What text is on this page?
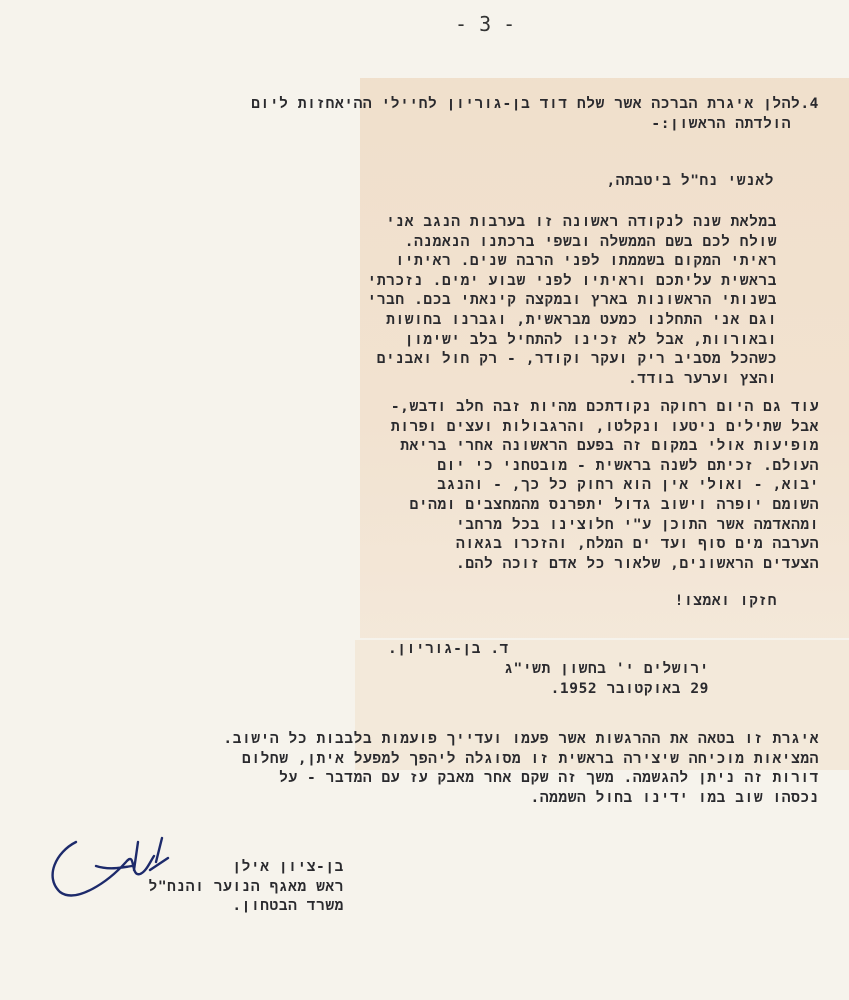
- 3 -
4.להלן איגרת הברכה אשר שלח דוד בן-גוריון לחיילי ההיאחזות ליום
הולדתה הראשון:-
לאנשי נח"ל ביטבתה,
במלאת שנה לנקודה ראשונה זו בערבות הנגב אני
שולח לכם בשם הממשלה ובשפי ברכתנו הנאמנה.
ראיתי המקום בשממתו לפני הרבה שנים. ראיתיו
בראשית עליתכם וראיתיו לפני שבוע ימים. נזכרתי
בשנותי הראשונות בארץ ובמקצה קינאתי בכם. חברי
וגם אני התחלנו כמעט מבראשית, וגברנו בחושות
ובאורוות, אבל לא זכינו להתחיל בלב ישימון
כשהכל מסביב ריק ועקר וקודר, - רק חול ואבנים
והצץ וערער בודד.
עוד גם היום רחוקה נקודתכם מהיות זבה חלב ודבש,-
אבל שתילים ניטעו ונקלטו, והרגבולות ועצים ופרות
מופיעות אולי במקום זה בפעם הראשונה אחרי בריאת
העולם. זכיתם לשנה בראשית - מובטחני כי יום
יבוא, - ואולי אין הוא רחוק כל כך, - והנגב
השומם יופרה וישוב גדול יתפרנס מהמחצבים ומהים
ומהאדמה אשר התוכן ע"י חלוצינו בכל מרחבי
הערבה מים סוף ועד ים המלח, והזכרו בגאוה
הצעדים הראשונים, שלאור כל אדם זוכה להם.
חזקו ואמצו!
ד. בן-גוריון.
ירושלים י' בחשון תשי"ג
29 באוקטובר 1952.
איגרת זו בטאה את ההרגשות אשר פעמו ועדייך פועמות בלבבות כל הישוב.
המציאות מוכיחה שיצירה בראשית זו מסוגלה ליהפך למפעל איתן, שחלום
דורות זה ניתן להגשמה. משך זה שקם אחר מאבק עז עם המדבר - על
נכסהו שוב במו ידינו בחול השממה.
בן-ציון אילן
ראש מאגף הנוער והנח"ל
משרד הבטחון.
